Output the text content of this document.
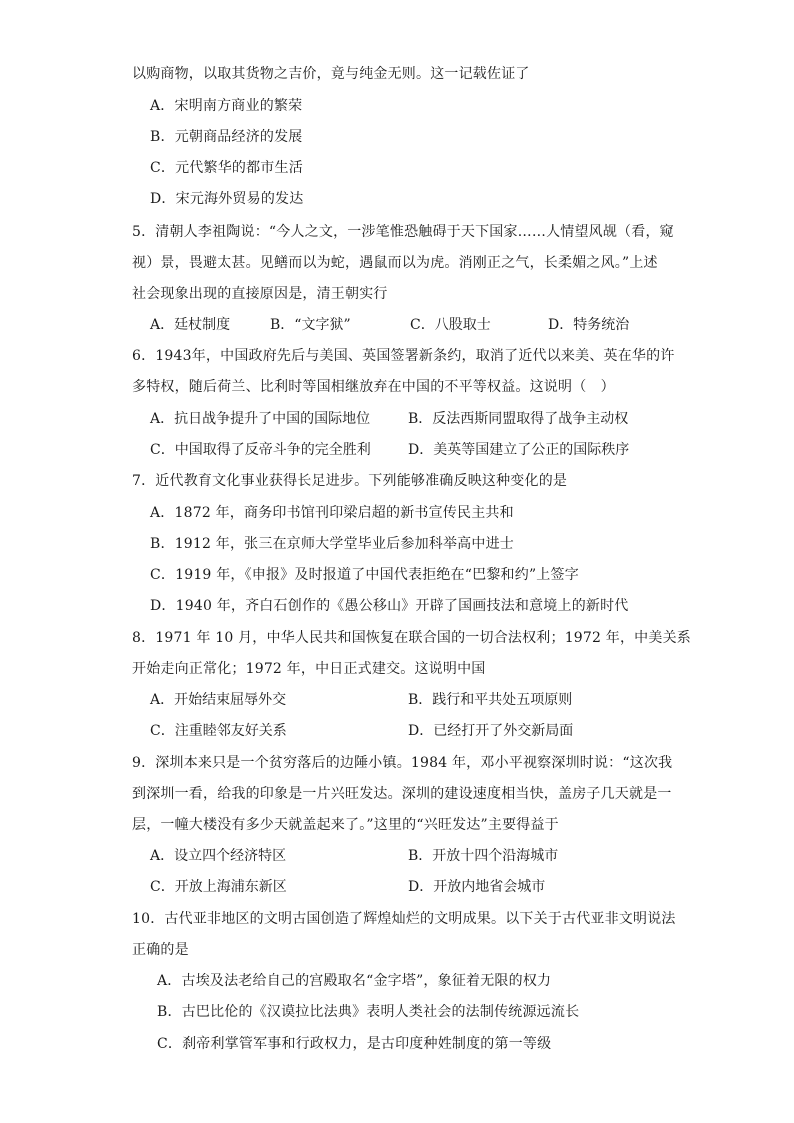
以购商物，以取其货物之吉价，竟与纯金无则。这一记载佐证了
A．宋明南方商业的繁荣
B．元朝商品经济的发展
C．元代繁华的都市生活
D．宋元海外贸易的发达
5．清朝人李祖陶说：“今人之文，一涉笔惟恐触碍于天下国家……人情望风觇（看，窥
视）景，畏避太甚。见鳝而以为蛇，遇鼠而以为虎。消刚正之气，长柔媚之风。”上述
社会现象出现的直接原因是，清王朝实行
A．廷杖制度	B．“文字狱”	C．八股取士	D．特务统治
6．1943年，中国政府先后与美国、英国签署新条约，取消了近代以来美、英在华的许
多特权，随后荷兰、比利时等国相继放弃在中国的不平等权益。这说明（　）
A．抗日战争提升了中国的国际地位	B．反法西斯同盟取得了战争主动权
C．中国取得了反帝斗争的完全胜利	D．美英等国建立了公正的国际秩序
7．近代教育文化事业获得长足进步。下列能够准确反映这种变化的是
A．1872 年，商务印书馆刊印梁启超的新书宣传民主共和
B．1912 年，张三在京师大学堂毕业后参加科举高中进士
C．1919 年，《申报》及时报道了中国代表拒绝在“巴黎和约”上签字
D．1940 年，齐白石创作的《愚公移山》开辟了国画技法和意境上的新时代
8．1971 年 10 月，中华人民共和国恢复在联合国的一切合法权利；1972 年，中美关系
开始走向正常化；1972 年，中日正式建交。这说明中国
A．开始结束屈辱外交	B．践行和平共处五项原则
C．注重睦邻友好关系	D．已经打开了外交新局面
9．深圳本来只是一个贫穷落后的边陲小镇。1984 年，邓小平视察深圳时说：“这次我
到深圳一看，给我的印象是一片兴旺发达。深圳的建设速度相当快，盖房子几天就是一
层，一幢大楼没有多少天就盖起来了。”这里的“兴旺发达”主要得益于
A．设立四个经济特区	B．开放十四个沿海城市
C．开放上海浦东新区	D．开放内地省会城市
10．古代亚非地区的文明古国创造了辉煌灿烂的文明成果。以下关于古代亚非文明说法
正确的是
A．古埃及法老给自己的宫殿取名“金字塔”，象征着无限的权力
B．古巴比伦的《汉谟拉比法典》表明人类社会的法制传统源远流长
C．刹帝利掌管军事和行政权力，是古印度种姓制度的第一等级
